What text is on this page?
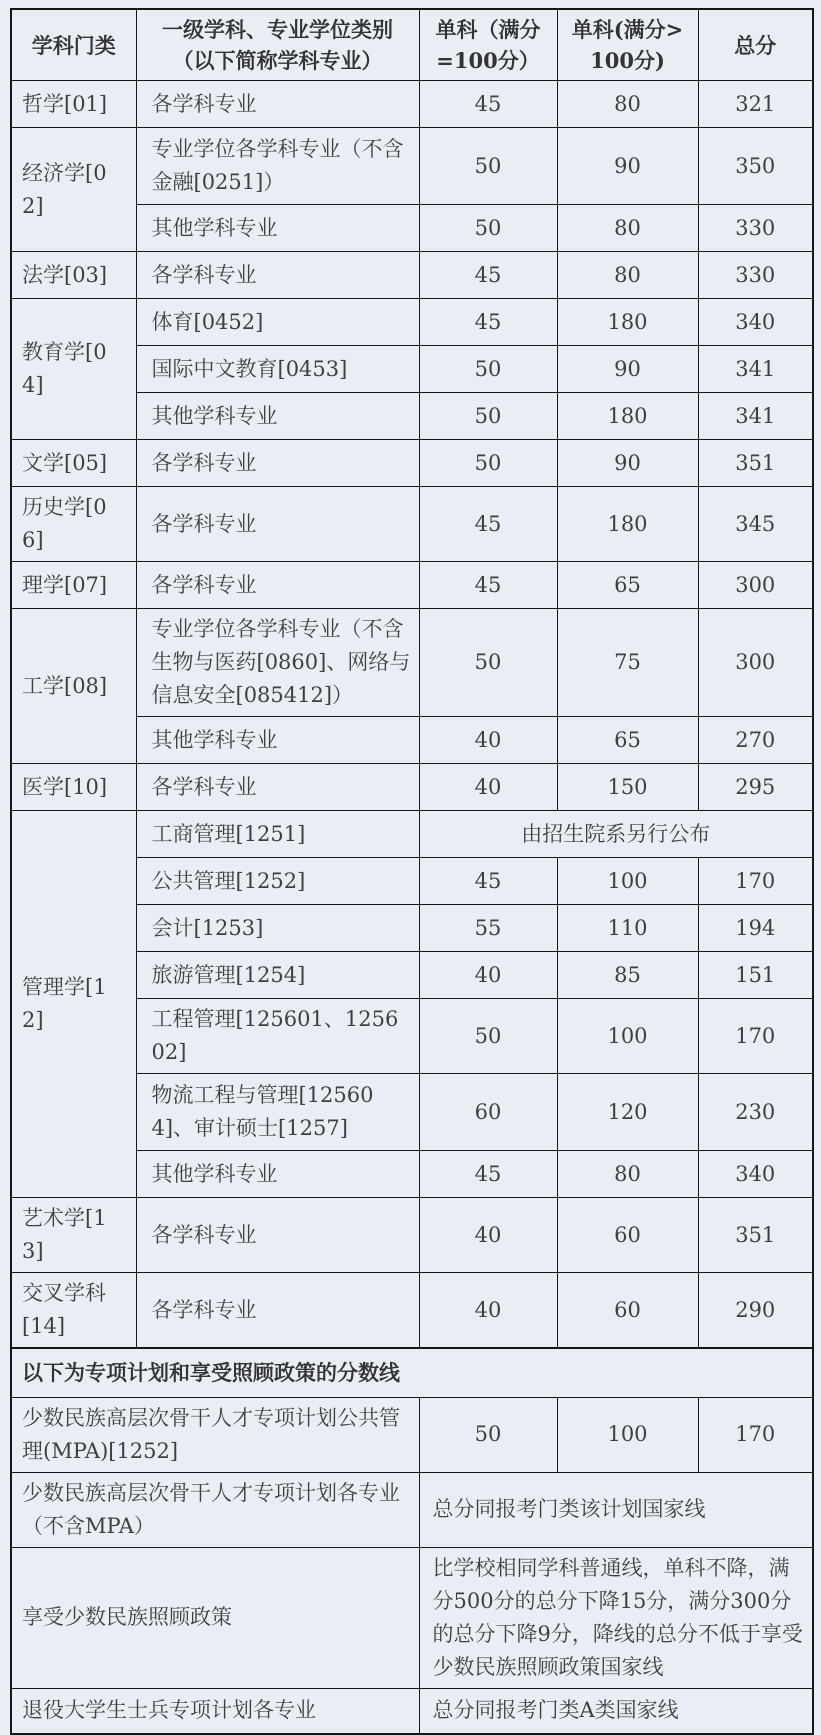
学科门类	一级学科、专业学位类别（以下简称学科专业）	单科（满分=100分）	单科(满分>100分)	总分
哲学[01]	各学科专业	45	80	321
经济学[02]	专业学位各学科专业（不含金融[0251]）	50	90	350
	其他学科专业	50	80	330
法学[03]	各学科专业	45	80	330
教育学[04]	体育[0452]	45	180	340
	国际中文教育[0453]	50	90	341
	其他学科专业	50	180	341
文学[05]	各学科专业	50	90	351
历史学[06]	各学科专业	45	180	345
理学[07]	各学科专业	45	65	300
工学[08]	专业学位各学科专业（不含生物与医药[0860]、网络与信息安全[085412]）	50	75	300
	其他学科专业	40	65	270
医学[10]	各学科专业	40	150	295
管理学[12]	工商管理[1251]	由招生院系另行公布		
	公共管理[1252]	45	100	170
	会计[1253]	55	110	194
	旅游管理[1254]	40	85	151
	工程管理[125601、125602]	50	100	170
	物流工程与管理[125604]、审计硕士[1257]	60	120	230
	其他学科专业	45	80	340
艺术学[13]	各学科专业	40	60	351
交叉学科[14]	各学科专业	40	60	290
以下为专项计划和享受照顾政策的分数线				
少数民族高层次骨干人才专项计划公共管理(MPA)[1252]		50	100	170
少数民族高层次骨干人才专项计划各专业（不含MPA）		总分同报考门类该计划国家线		
享受少数民族照顾政策		比学校相同学科普通线，单科不降，满分500分的总分下降15分，满分300分的总分下降9分，降线的总分不低于享受少数民族照顾政策国家线		
退役大学生士兵专项计划各专业		总分同报考门类A类国家线		
